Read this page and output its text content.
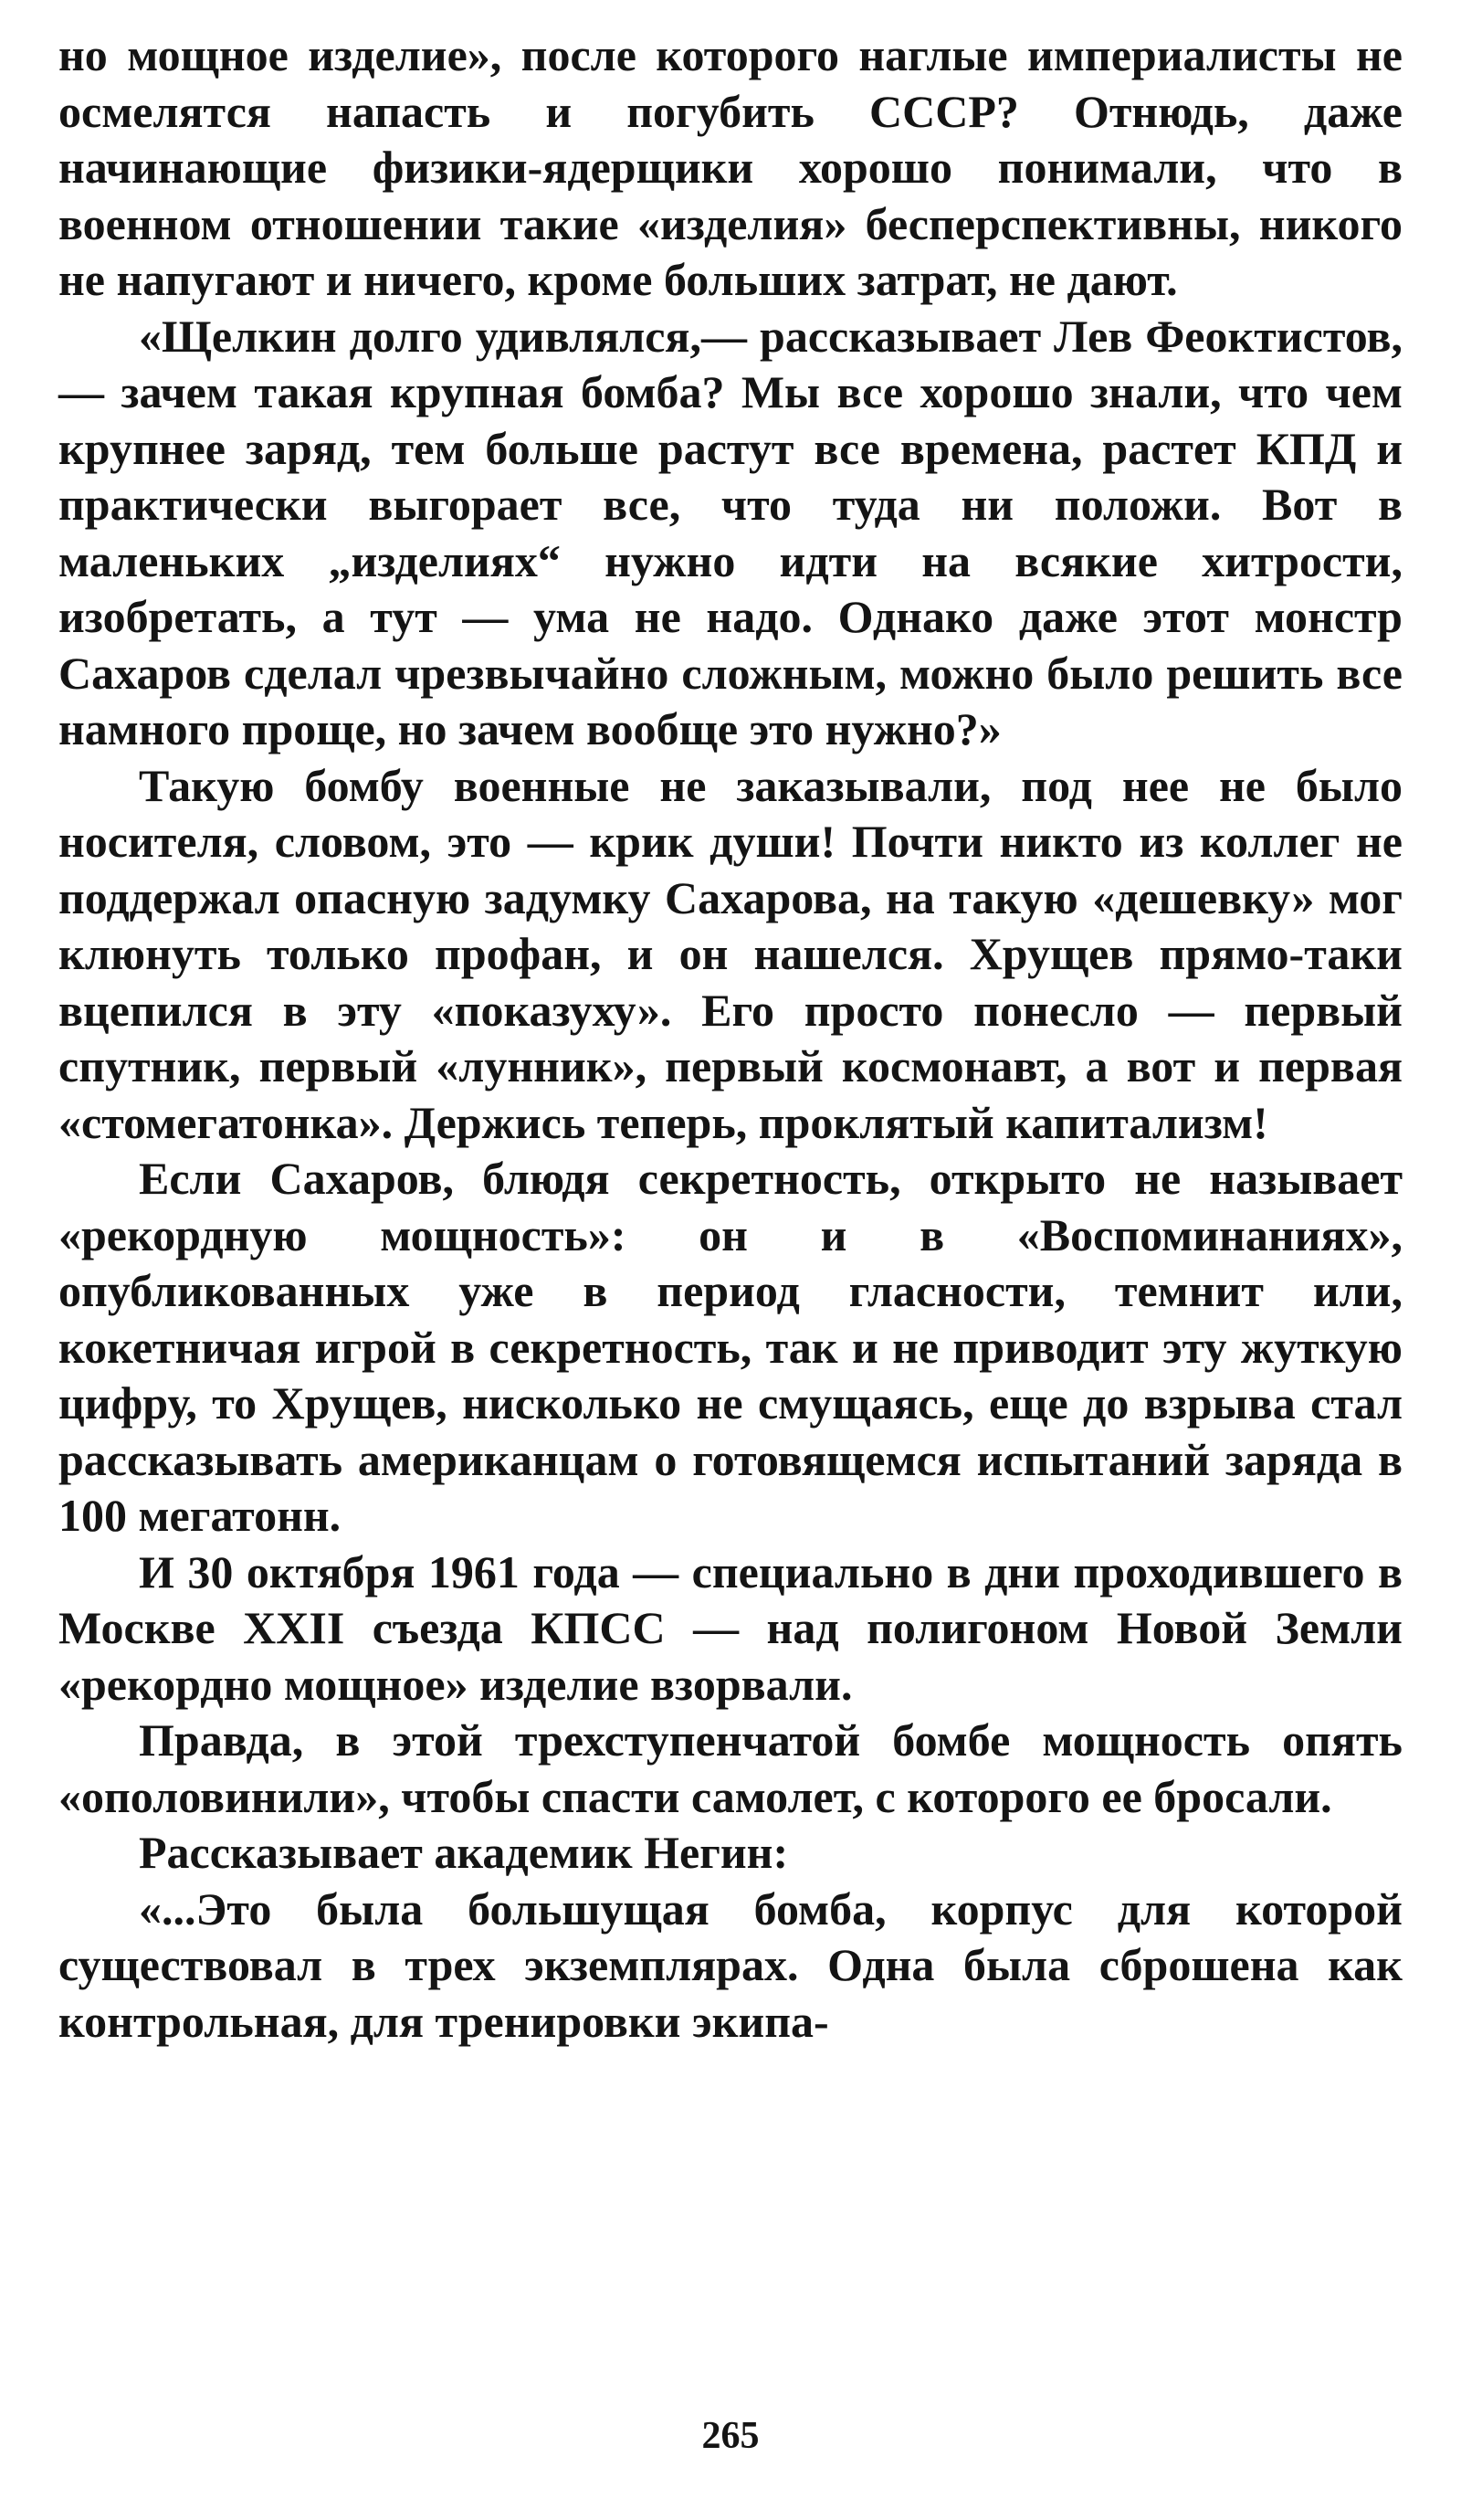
но мощное изделие», после которого наглые империалисты не осмелятся напасть и погубить СССР? Отнюдь, даже начинающие физики-ядерщики хорошо понимали, что в военном отношении такие «изделия» бесперспективны, никого не напугают и ничего, кроме больших затрат, не дают.

«Щелкин долго удивлялся,— рассказывает Лев Феоктистов,— зачем такая крупная бомба? Мы все хорошо знали, что чем крупнее заряд, тем больше растут все времена, растет КПД и практически выгорает все, что туда ни положи. Вот в маленьких „изделиях“ нужно идти на всякие хитрости, изобретать, а тут — ума не надо. Однако даже этот монстр Сахаров сделал чрезвычайно сложным, можно было решить все намного проще, но зачем вообще это нужно?»

Такую бомбу военные не заказывали, под нее не было носителя, словом, это — крик души! Почти никто из коллег не поддержал опасную задумку Сахарова, на такую «дешевку» мог клюнуть только профан, и он нашелся. Хрущев прямо-таки вцепился в эту «показуху». Его просто понесло — первый спутник, первый «лунник», первый космонавт, а вот и первая «стомегатонка». Держись теперь, проклятый капитализм!

Если Сахаров, блюдя секретность, открыто не называет «рекордную мощность»: он и в «Воспоминаниях», опубликованных уже в период гласности, темнит или, кокетничая игрой в секретность, так и не приводит эту жуткую цифру, то Хрущев, нисколько не смущаясь, еще до взрыва стал рассказывать американцам о готовящемся испытаний заряда в 100 мегатонн.

И 30 октября 1961 года — специально в дни проходившего в Москве XXII съезда КПСС — над полигоном Новой Земли «рекордно мощное» изделие взорвали.

Правда, в этой трехступенчатой бомбе мощность опять «ополовинили», чтобы спасти самолет, с которого ее бросали.

Рассказывает академик Негин:

«...Это была большущая бомба, корпус для которой существовал в трех экземплярах. Одна была сброшена как контрольная, для тренировки экипа-

265
